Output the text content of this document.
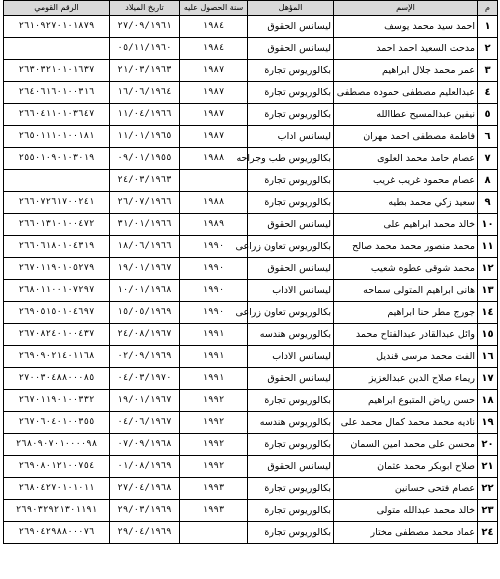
م	الإسم	المؤهل	سنة الحصول عليه	تاريخ الميلاد	الرقم القومي
١	احمد سيد محمد يوسف	ليسانس الحقوق	١٩٨٤	٢٧/٠٩/١٩٦١	٢٦١٠٩٢٧٠١٠١٨٧٩
٢	مدحت السعيد احمد احمد	ليسانس الحقوق	١٩٨٤	٠٥/١١/١٩٦٠	
٣	عمر محمد جلال ابراهيم	بكالوريوس تجارة	١٩٨٧	٢١/٠٣/١٩٦٣	٢٦٣٠٣٢١٠١٠١٦٣٧
٤	عبدالعليم مصطفى حموده مصطفى	بكالوريوس تجارة	١٩٨٧	١٦/٠٦/١٩٦٤	٢٦٤٠٦١٦٠١٠٠٣١٦
٥	نيفين عبدالمسيح عطاالله	بكالوريوس تجارة	١٩٨٧	١١/٠٤/١٩٦٦	٢٦٦٠٤١١٠١٠٣٦٤٧
٦	فاطمة مصطفى احمد مهران	ليسانس اداب	١٩٨٧	١١/٠١/١٩٦٥	٢٦٥٠١١١٠١٠٠١٨١
٧	عصام حامد محمد العلوى	بكالوريوس طب وجراحه	١٩٨٨	٠٩/٠١/١٩٥٥	٢٥٥٠١٠٩٠١٠٣٠١٩
٨	عصام محمود غريب غريب	بكالوريوس تجارة		٢٤/٠٣/١٩٦٣	
٩	سعيد زكي محمد بطيه	بكالوريوس تجارة	١٩٨٨	٢٦/٠٧/١٩٦٦	٢٦٦٠٧٢٦١٧٠٠٢٤١
١٠	خالد محمد ابراهيم على	ليسانس الحقوق	١٩٨٩	٣١/٠١/١٩٦٦	٢٦٦٠١٣١٠١٠٠٤٧٢
١١	محمد منصور محمد محمد صالح	بكالوريوس تعاون زراعى	١٩٩٠	١٨/٠٦/١٩٦٦	٢٦٦٠٦١٨٠١٠٤٣١٩
١٢	محمد شوقى عطوه شعيب	ليسانس الحقوق	١٩٩٠	١٩/٠١/١٩٦٧	٢٦٧٠١١٩٠١٠٥٢٧٩
١٣	هانى ابراهيم المتولى سماحه	ليسانس الاداب	١٩٩٠	١٠/٠١/١٩٦٨	٢٦٨٠١١٠٠١٠٧٢٩٧
١٤	جورج مطر حنا ابراهيم	بكالوريوس تعاون زراعى	١٩٩٠	١٥/٠٥/١٩٦٩	٢٦٩٠٥١٥٠١٠٤٦٩٧
١٥	وائل عبدالقادر عبدالفتاح محمد	بكالوريوس هندسه	١٩٩١	٢٤/٠٨/١٩٦٧	٢٦٧٠٨٢٤٠١٠٠٤٣٧
١٦	الفت محمد مرسى قنديل	ليسانس الاداب	١٩٩١	٠٢/٠٩/١٩٦٩	٢٦٩٠٩٠٢١٤٠١١٦٨
١٧	ريماء صلاح الدين عبدالعزيز	ليسانس الحقوق	١٩٩١	٠٤/٠٣/١٩٧٠	٢٧٠٠٣٠٤٨٨٠٠٠٨٥
١٨	حسن رياض المتبوع ابراهيم	بكالوريوس تجارة	١٩٩٢	١٩/٠١/١٩٦٧	٢٦٧٠١١٩٠١٠٠٣٣٢
١٩	ناديه محمد محمد كمال محمد على	بكالوريوس هندسه	١٩٩٢	٠٤/٠٦/١٩٦٧	٢٦٧٠٦٠٤٠١٠٠٣٥٥
٢٠	محسن على محمد امين السمان	بكالوريوس تجارة	١٩٩٢	٠٧/٠٩/١٩٦٨	٢٦٨٠٩٠٧٠١٠٠٠٠٩٨
٢١	صلاح ابوبكر محمد عثمان	ليسانس الحقوق	١٩٩٢	٠١/٠٨/١٩٦٩	٢٦٩٠٨٠١٢١٠٠٧٥٤
٢٢	عصام فتحى حسانين	بكالوريوس تجارة	١٩٩٣	٢٧/٠٤/١٩٦٨	٢٦٨٠٤٢٧٠١٠١٠١١
٢٣	خالد محمد عبدالله متولى	بكالوريوس تجارة	١٩٩٣	٢٩/٠٣/١٩٦٩	٢٦٩٠٣٢٩٢١٣٠١١٩١
٢٤	عماد محمد مصطفى مختار	بكالوريوس تجارة		٢٩/٠٤/١٩٦٩	٢٦٩٠٤٢٩٨٨٠٠٠٧٦
